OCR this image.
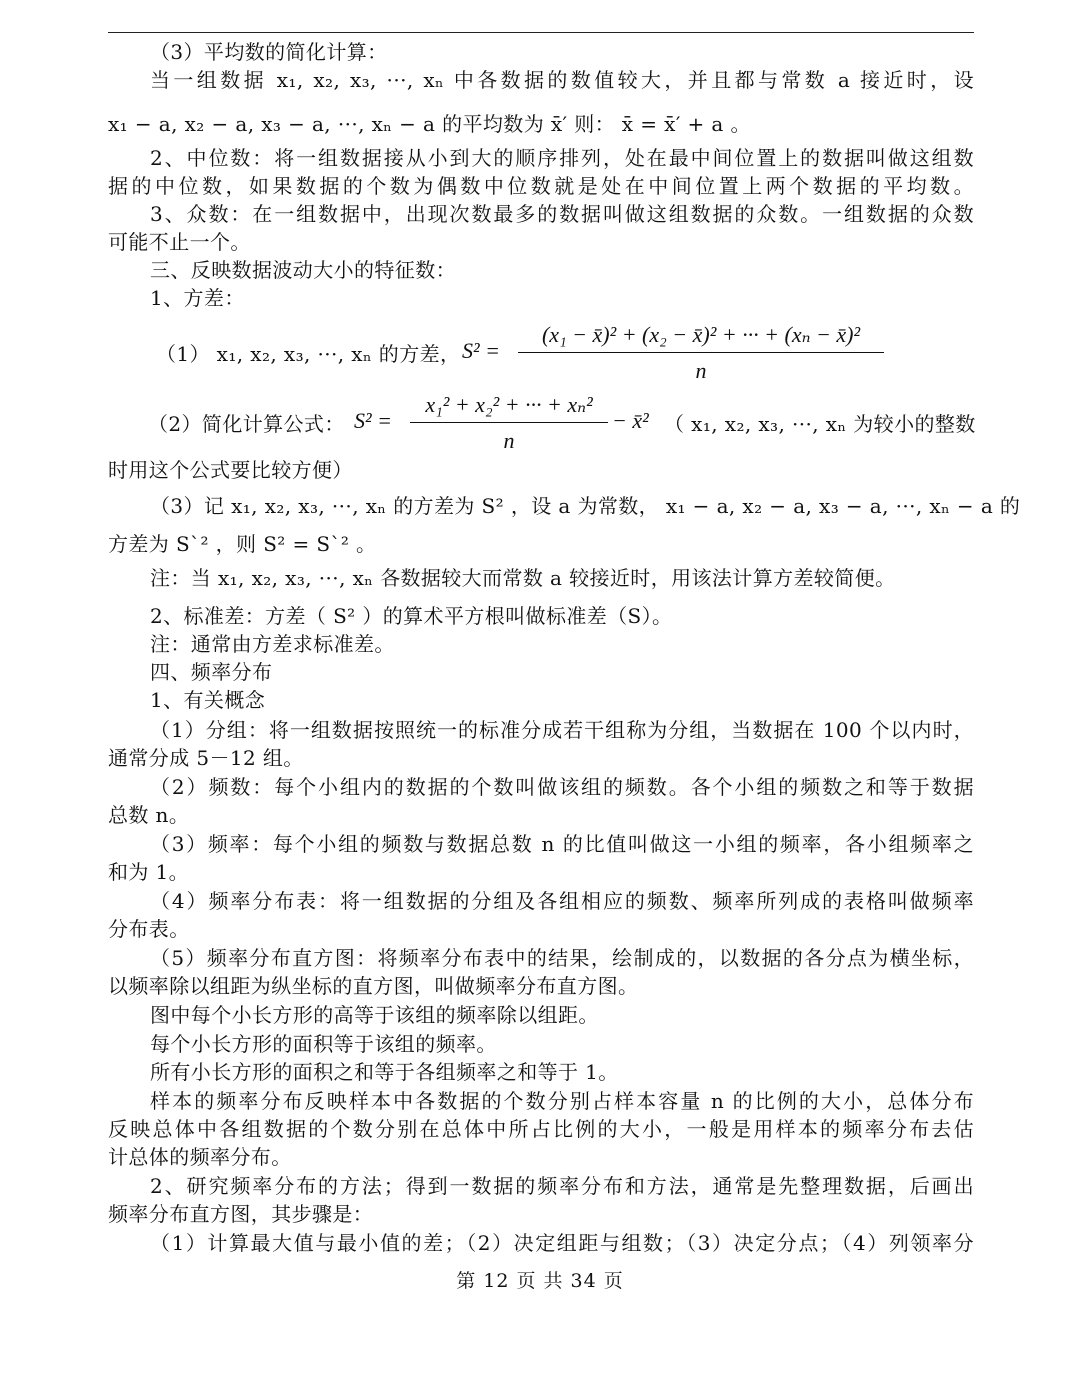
（3）平均数的简化计算：
当一组数据 x₁, x₂, x₃, ···, xₙ 中各数据的数值较大，并且都与常数 a 接近时，设
x₁ − a, x₂ − a, x₃ − a, ···, xₙ − a 的平均数为 x̄′ 则： x̄ = x̄′ + a 。
2、中位数：将一组数据接从小到大的顺序排列，处在最中间位置上的数据叫做这组数
据的中位数，如果数据的个数为偶数中位数就是处在中间位置上两个数据的平均数。
3、众数：在一组数据中，出现次数最多的数据叫做这组数据的众数。一组数据的众数
可能不止一个。
三、反映数据波动大小的特征数：
1、方差：
（1） x₁, x₂, x₃, ···, xₙ 的方差， S² =
(x₁ − x̄)² + (x₂ − x̄)² + ··· + (xₙ − x̄)²
n
（2）简化计算公式： S² =
x₁² + x₂² + ··· + xₙ²
n
− x̄² （ x₁, x₂, x₃, ···, xₙ 为较小的整数
时用这个公式要比较方便）
（3）记 x₁, x₂, x₃, ···, xₙ 的方差为 S² ，设 a 为常数， x₁ − a, x₂ − a, x₃ − a, ···, xₙ − a 的
方差为 S`² ，则 S² = S`² 。
注：当 x₁, x₂, x₃, ···, xₙ 各数据较大而常数 a 较接近时，用该法计算方差较简便。
2、标准差：方差（ S² ）的算术平方根叫做标准差（S）。
注：通常由方差求标准差。
四、频率分布
1、有关概念
（1）分组：将一组数据按照统一的标准分成若干组称为分组，当数据在 100 个以内时，
通常分成 5－12 组。
（2）频数：每个小组内的数据的个数叫做该组的频数。各个小组的频数之和等于数据
总数 n。
（3）频率：每个小组的频数与数据总数 n 的比值叫做这一小组的频率，各小组频率之
和为 1。
（4）频率分布表：将一组数据的分组及各组相应的频数、频率所列成的表格叫做频率
分布表。
（5）频率分布直方图：将频率分布表中的结果，绘制成的，以数据的各分点为横坐标，
以频率除以组距为纵坐标的直方图，叫做频率分布直方图。
图中每个小长方形的高等于该组的频率除以组距。
每个小长方形的面积等于该组的频率。
所有小长方形的面积之和等于各组频率之和等于 1。
样本的频率分布反映样本中各数据的个数分别占样本容量 n 的比例的大小，总体分布
反映总体中各组数据的个数分别在总体中所占比例的大小，一般是用样本的频率分布去估
计总体的频率分布。
2、研究频率分布的方法；得到一数据的频率分布和方法，通常是先整理数据，后画出
频率分布直方图，其步骤是：
（1）计算最大值与最小值的差；（2）决定组距与组数；（3）决定分点；（4）列领率分
第 12 页 共 34 页
